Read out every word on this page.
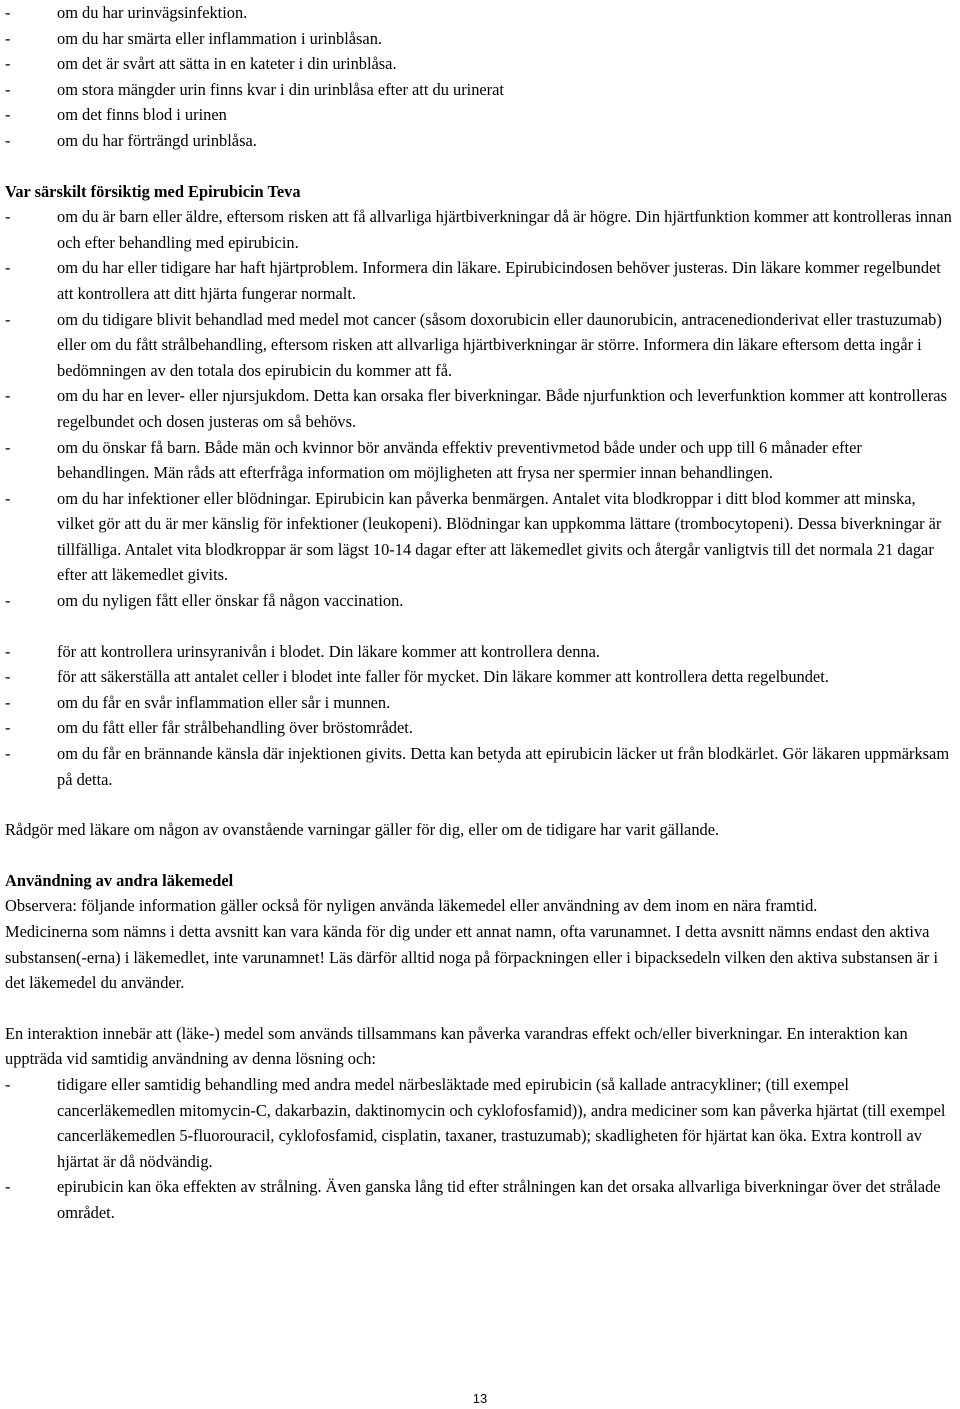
- om du har urinvägsinfektion.
- om du har smärta eller inflammation i urinblåsan.
- om det är svårt att sätta in en kateter i din urinblåsa.
- om stora mängder urin finns kvar i din urinblåsa efter att du urinerat
- om det finns blod i urinen
- om du har förträngd urinblåsa.
Var särskilt försiktig med Epirubicin Teva
- om du är barn eller äldre, eftersom risken att få allvarliga hjärtbiverkningar då är högre. Din hjärtfunktion kommer att kontrolleras innan och efter behandling med epirubicin.
- om du har eller tidigare har haft hjärtproblem. Informera din läkare. Epirubicindosen behöver justeras. Din läkare kommer regelbundet att kontrollera att ditt hjärta fungerar normalt.
- om du tidigare blivit behandlad med medel mot cancer (såsom doxorubicin eller daunorubicin, antracenedionderivat eller trastuzumab) eller om du fått strålbehandling, eftersom risken att allvarliga hjärtbiverkningar är större. Informera din läkare eftersom detta ingår i bedömningen av den totala dos epirubicin du kommer att få.
- om du har en lever- eller njursjukdom. Detta kan orsaka fler biverkningar. Både njurfunktion och leverfunktion kommer att kontrolleras regelbundet och dosen justeras om så behövs.
- om du önskar få barn. Både män och kvinnor bör använda effektiv preventivmetod både under och upp till 6 månader efter behandlingen. Män råds att efterfråga information om möjligheten att frysa ner spermier innan behandlingen.
- om du har infektioner eller blödningar. Epirubicin kan påverka benmärgen. Antalet vita blodkroppar i ditt blod kommer att minska, vilket gör att du är mer känslig för infektioner (leukopeni). Blödningar kan uppkomma lättare (trombocytopeni). Dessa biverkningar är tillfälliga. Antalet vita blodkroppar är som lägst 10-14 dagar efter att läkemedlet givits och återgår vanligtvis till det normala 21 dagar efter att läkemedlet givits.
- om du nyligen fått eller önskar få någon vaccination.
- för att kontrollera urinsyranivån i blodet. Din läkare kommer att kontrollera denna.
- för att säkerställa att antalet celler i blodet inte faller för mycket. Din läkare kommer att kontrollera detta regelbundet.
- om du får en svår inflammation eller sår i munnen.
- om du fått eller får strålbehandling över bröstområdet.
- om du får en brännande känsla där injektionen givits. Detta kan betyda att epirubicin läcker ut från blodkärlet. Gör läkaren uppmärksam på detta.

Rådgör med läkare om någon av ovanstående varningar gäller för dig, eller om de tidigare har varit gällande.

Användning av andra läkemedel

Observera: följande information gäller också för nyligen använda läkemedel eller användning av dem inom en nära framtid.

Medicinerna som nämns i detta avsnitt kan vara kända för dig under ett annat namn, ofta varunamnet. I detta avsnitt nämns endast den aktiva substansen(-erna) i läkemedlet, inte varunamnet! Läs därför alltid noga på förpackningen eller i bipacksedeln vilken den aktiva substansen är i det läkemedel du använder.

En interaktion innebär att (läke-) medel som används tillsammans kan påverka varandras effekt och/eller biverkningar. En interaktion kan uppträda vid samtidig användning av denna lösning och:

- tidigare eller samtidig behandling med andra medel närbesläktade med epirubicin (så kallade antracykliner; (till exempel cancerläkemedlen mitomycin-C, dakarbazin, daktinomycin och cyklofosfamid)), andra mediciner som kan påverka hjärtat (till exempel cancerläkemedlen 5-fluorouracil, cyklofosfamid, cisplatin, taxaner, trastuzumab); skadligheten för hjärtat kan öka. Extra kontroll av hjärtat är då nödvändig.
- epirubicin kan öka effekten av strålning. Även ganska lång tid efter strålningen kan det orsaka allvarliga biverkningar över det strålade området.
13
